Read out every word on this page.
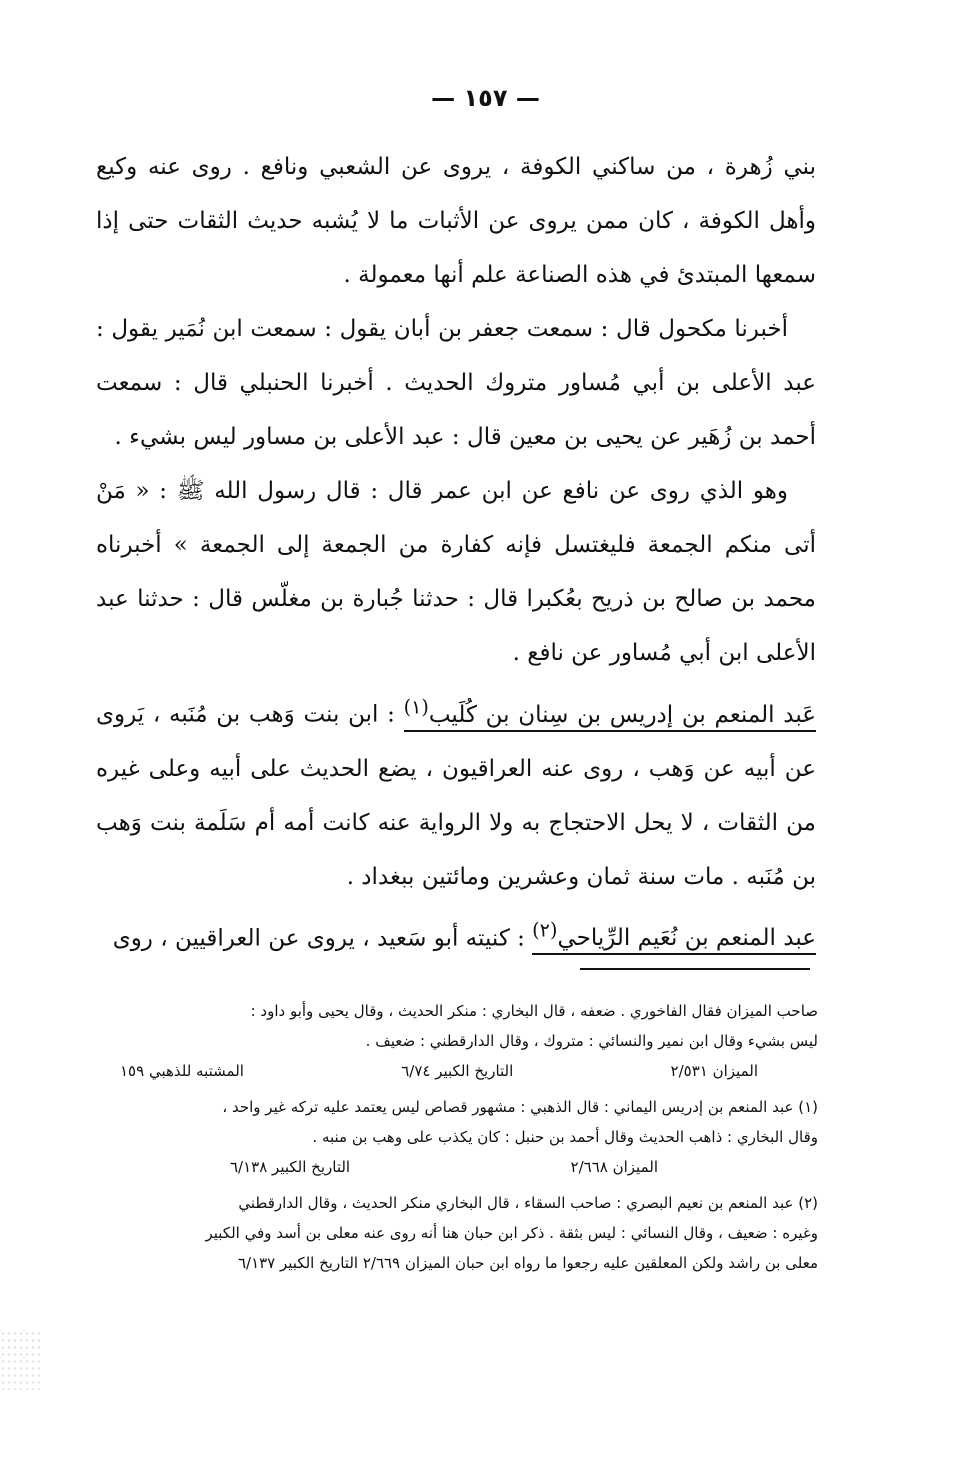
— ١٥٧ —

بني زُهرة ، من ساكني الكوفة ، يروى عن الشعبي ونافع . روى عنه وكيع وأهل الكوفة ، كان ممن يروى عن الأثبات ما لا يُشبه حديث الثقات حتى إذا سمعها المبتدئ في هذه الصناعة علم أنها معمولة .

أخبرنا مكحول قال : سمعت جعفر بن أبان يقول : سمعت ابن نُمَير يقول : عبد الأعلى بن أبي مُساور متروك الحديث . أخبرنا الحنبلي قال : سمعت أحمد بن زُهَير عن يحيى بن معين قال : عبد الأعلى بن مساور ليس بشيء .

وهو الذي روى عن نافع عن ابن عمر قال : قال رسول الله ﷺ : « مَنْ أتى منكم الجمعة فليغتسل فإنه كفارة من الجمعة إلى الجمعة » أخبرناه محمد بن صالح بن ذريح بعُكبرا قال : حدثنا جُبارة بن مغلّس قال : حدثنا عبد الأعلى ابن أبي مُساور عن نافع .

عَبد المنعم بن إدريس بن سِنان بن كُلَيب$^{(١)}$ : ابن بنت وَهب بن مُنَبه ، يَروى عن أبيه عن وَهب ، روى عنه العراقيون ، يضع الحديث على أبيه وعلى غيره من الثقات ، لا يحل الاحتجاج به ولا الرواية عنه كانت أمه أم سَلَمة بنت وَهب بن مُنَبه . مات سنة ثمان وعشرين ومائتين ببغداد .

عبد المنعم بن نُعَيم الرِّياحي$^{(٢)}$ : كنيته أبو سَعيد ، يروى عن العراقيين ، روى

صاحب الميزان فقال الفاخوري . ضعفه ، قال البخاري : منكر الحديث ، وقال يحيى وأبو داود :
ليس بشيء وقال ابن نمير والنسائي : متروك ، وقال الدارقطني : ضعيف .
الميزان ٢/٥٣١
التاريخ الكبير ٦/٧٤
المشتبه للذهبي ١٥٩
(١) عبد المنعم بن إدريس اليماني : قال الذهبي : مشهور قصاص ليس يعتمد عليه تركه غير واحد ،
وقال البخاري : ذاهب الحديث وقال أحمد بن حنبل : كان يكذب على وهب بن منبه .
الميزان ٢/٦٦٨
التاريخ الكبير ٦/١٣٨
(٢) عبد المنعم بن نعيم البصري : صاحب السقاء ، قال البخاري منكر الحديث ، وقال الدارقطني
وغيره : ضعيف ، وقال النسائي : ليس بثقة . ذكر ابن حبان هنا أنه روى عنه معلى بن أسد وفي الكبير
معلى بن راشد ولكن المعلقين عليه رجعوا ما رواه ابن حبان الميزان ٢/٦٦٩ التاريخ الكبير ٦/١٣٧
